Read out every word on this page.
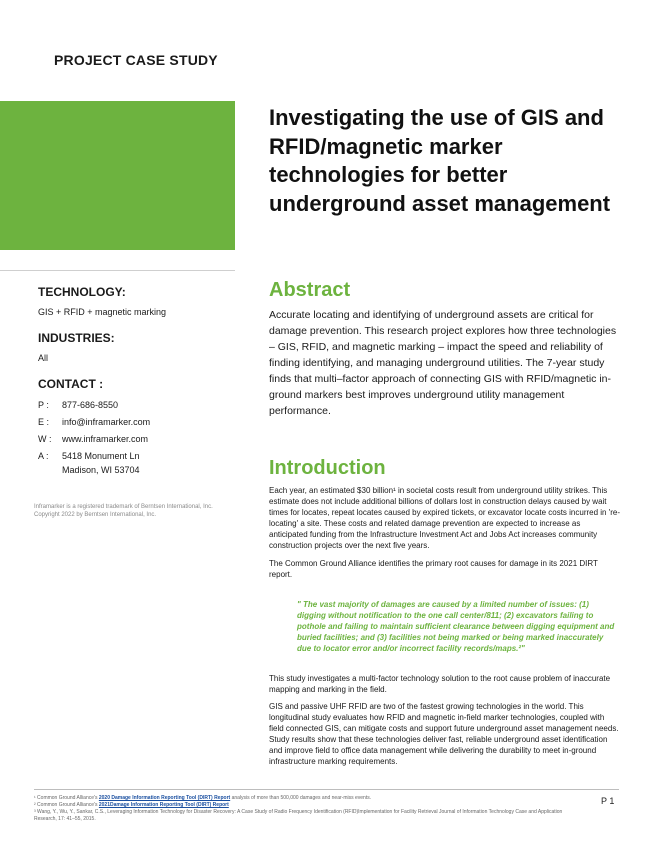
PROJECT CASE STUDY
Investigating the use of GIS and RFID/magnetic marker technologies for better underground asset management
TECHNOLOGY:
GIS + RFID + magnetic marking
INDUSTRIES:
All
CONTACT :
P :	877-686-8550
E :	info@inframarker.com
W :	www.inframarker.com
A :	5418 Monument Ln
Madison, WI 53704
Inframarker is a registered trademark of Berntsen International, Inc.
Copyright 2022 by Berntsen International, Inc.
Abstract
Accurate locating and identifying of underground assets are critical for damage prevention. This research project explores how three technologies – GIS, RFID, and magnetic marking – impact the speed and reliability of finding identifying, and managing underground utilities. The 7-year study finds that multi–factor approach of connecting GIS with RFID/magnetic in-ground markers best improves underground utility management performance.
Introduction

Each year, an estimated $30 billion¹ in societal costs result from underground utility strikes. This estimate does not include additional billions of dollars lost in construction delays caused by wait times for locates, repeat locates caused by expired tickets, or excavator locate costs incurred in 're-locating' a site. These costs and related damage prevention are expected to increase as anticipated funding from the Infrastructure Investment Act and Jobs Act increases community construction projects over the next five years.

The Common Ground Alliance identifies the primary root causes for damage in its 2021 DIRT report.

" The vast majority of damages are caused by a limited number of issues: (1) digging without notification to the one call center/811; (2) excavators failing to pothole and failing to maintain sufficient clearance between digging equipment and buried facilities; and (3) facilities not being marked or being marked inaccurately due to locator error and/or incorrect facility records/maps.²"

This study investigates a multi-factor technology solution to the root cause problem of inaccurate mapping and marking in the field.

GIS and passive UHF RFID are two of the fastest growing technologies in the world. This longitudinal study evaluates how RFID and magnetic in-field marker technologies, coupled with field connected GIS, can mitigate costs and support future underground asset management needs. Study results show that these technologies deliver fast, reliable underground asset identification and improve field to office data management while delivering the durability to meet in-ground infrastructure marking requirements.

¹ Common Ground Alliance's 2020 Damage Information Reporting Tool (DIRT) Report analysis of more than 500,000 damages and near-miss events.
² Common Ground Alliance's 2021Damage Information Reporting Tool (DIRT) Report
³ Wang, Y., Wu, Y., Sankar, C.S., Leveraging Information Technology for Disaster Recovery: A Case Study of Radio Frequency Identification (RFID)Implementation for Facility Retrieval Journal of Information Technology Case and Application Research, 17: 41–55, 2015.
P 1
